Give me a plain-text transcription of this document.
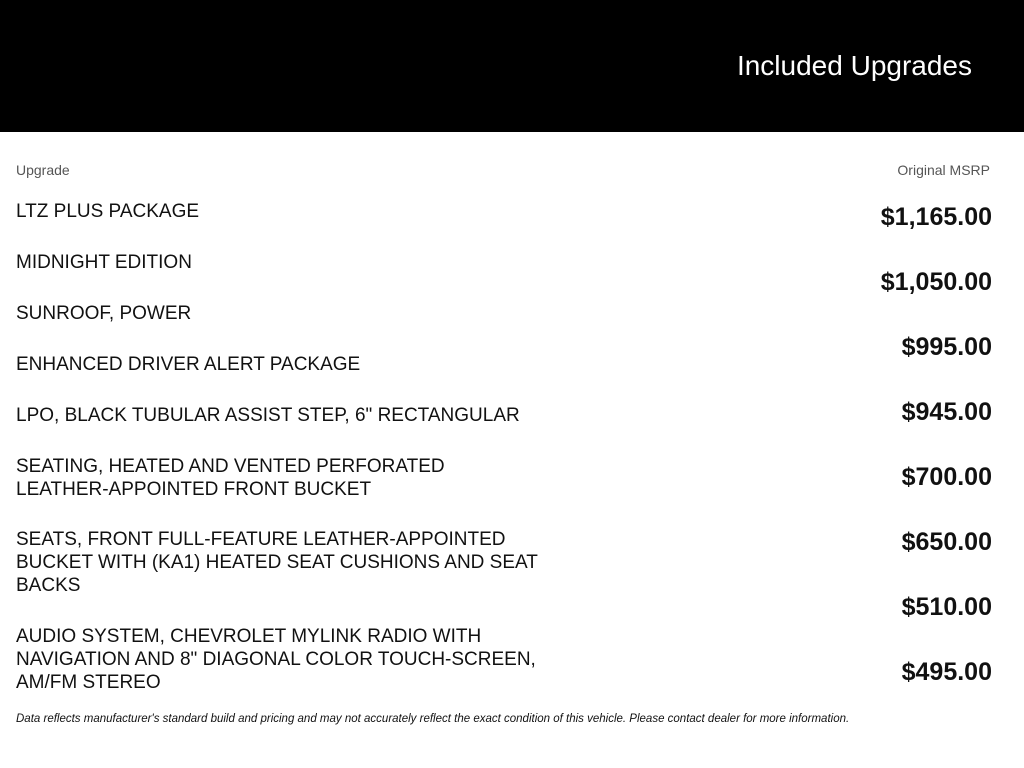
Included Upgrades
Upgrade	Original MSRP
LTZ PLUS PACKAGE
MIDNIGHT EDITION
SUNROOF, POWER
ENHANCED DRIVER ALERT PACKAGE
LPO, BLACK TUBULAR ASSIST STEP, 6" RECTANGULAR
SEATING, HEATED AND VENTED PERFORATED
LEATHER-APPOINTED FRONT BUCKET
SEATS, FRONT FULL-FEATURE LEATHER-APPOINTED
BUCKET WITH (KA1) HEATED SEAT CUSHIONS AND SEAT
BACKS
AUDIO SYSTEM, CHEVROLET MYLINK RADIO WITH
NAVIGATION AND 8" DIAGONAL COLOR TOUCH-SCREEN,
AM/FM STEREO
$1,165.00
$1,050.00
$995.00
$945.00
$700.00
$650.00
$510.00
$495.00
Data reflects manufacturer's standard build and pricing and may not accurately reflect the exact condition of this vehicle. Please contact dealer for more information.
